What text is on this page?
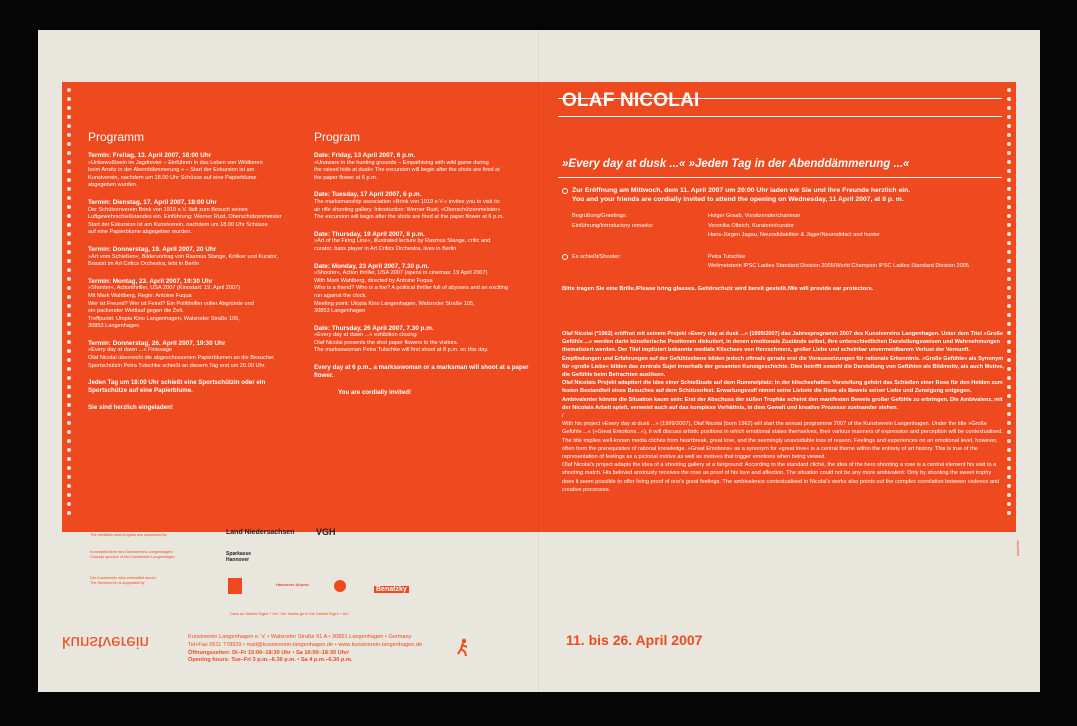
Programm
Termin: Freitag, 13. April 2007, 18:00 Uhr

»Unbewußtsein im Jagdrevier – Einführen in das Leben von Wildtieren

beim Ansitz in der Abenddämmerung « – Start der Exkursion ist am

Kunstverein, nachdem um 18.00 Uhr Schüsse auf eine Papierblume

abgegeben wurden.

Termin: Dienstag, 17. April 2007, 18:00 Uhr

Der Schützenverein Brink von 1919 e.V. lädt zum Besuch seines

Luftgewehrschießstandes ein. Einführung: Werner Rust, Oberschützenmeister

Start der Exkursion ist am Kunstverein, nachdem um 18.00 Uhr Schüsse

auf eine Papierblume abgegeben wurden.

Termin: Donnerstag, 19. April 2007, 20 Uhr

»Art vom Schießen«, Bildervortrag von Rasmus Stange, Kritiker und Kurator,

Bassist im Art Critics Orchestra, lebt in Berlin

Termin: Montag, 23. April 2007, 19:30 Uhr

»Shooter«, Actionthriller, USA 2007 (Kinostart: 19. April 2007)

Mit Mark Wahlberg, Regie: Antoine Fuqua

Wer ist Freund? Wer ist Feind? Ein Politthriller voller Abgründe und

ein packender Wettlauf gegen die Zeit.

Treffpunkt: Utopia Kino Langenhagen, Walsroder Straße 105,

30853 Langenhagen

Termin: Donnerstag, 26. April 2007, 19:30 Uhr

»Every day at dawn ...« Finissage

Olaf Nicolai überreicht die abgeschossenen Papierblumen an die Besucher.

Sportschützin Petra Tutschke schießt an diesem Tag erst um 20.00 Uhr.

Jeden Tag um 18:00 Uhr schießt eine Sportschützin oder ein Sportschütze auf eine Papierblume.
Sie sind herzlich eingeladen!
Program
Date: Friday, 13 April 2007, 6 p.m.

»Unaware in the hunting grounds – Empathising with wild game during

the raised hide at dusk« The excursion will begin after the shots are fired at

the paper flower at 6 p.m.

Date: Tuesday, 17 April 2007, 6 p.m.

The marksmanship association »Brink von 1919 e.V.« invites you to visit its

air rifle shooting gallery. Introduction: Werner Rust, »Oberschützenmeister«

The excursion will begin after the shots are fired at the paper flower at 6 p.m.

Date: Thursday, 19 April 2007, 8 p.m.

»Art of the Firing Line«, illustrated lecture by Rasmus Stange, critic and

curator, bass player in Art Critics Orchestra, lives in Berlin

Date: Monday, 23 April 2007, 7.30 p.m.

»Shooter«, Action thriller, USA 2007 (opens in cinemas: 19 April 2007)

With Mark Wahlberg, directed by Antoine Fuqua

Who is a friend? Who is a foe? A political thriller full of abysses and an exciting

run against the clock.

Meeting point: Utopia Kino Langenhagen, Walsroder Straße 105,

30853 Langenhagen

Date: Thursday, 26 April 2007, 7.30 p.m.

»Every day at dawn ...« exhibition closing

Olaf Nicolai presents the shot paper flowers to the visitors.

The marksswoman Petra Tutschke will first shoot at 8 p.m. on this day.

Every day at 6 p.m., a marksswoman or a marksman will shoot at a paper flower.
You are cordially invited!
OLAF NICOLAI
»Every day at dusk ...« »Jeden Tag in der Abenddämmerung ...«
Zur Eröffnung am Mittwoch, dem 11. April 2007 um 20:00 Uhr laden wir Sie und Ihre Freunde herzlich ein.
You and your friends are cordially invited to attend the opening on Wednesday, 11 April 2007, at 8 p. m.
Begrüßung/Greetings:	Holger Graab, Vorsitzender/chairman
Einführung/Introductory remarks:	Veronika Olbrich, Kuratorin/curator
Hans-Jürgen Jagau, Neurodidaktiker & Jäger/Neurodidact and hunter
Es schießt/Shooter:	Petra Tutschke
Weltmeisterin IPSC Ladies Standard Division 2005/World Champion IPSC Ladies Standard Division 2005
Bitte tragen Sie eine Brille./Please bring glasses. Gehörschutz wird bereit gestellt./We will provide ear protectors.

Olaf Nicolai (*1962) eröffnet mit seinem Projekt »Every day at dusk ...« (1999/2007) das Jahresprogramm 2007 des Kunstvereins Langenhagen. Unter dem Titel »Große Gefühle ...« werden darin künstlerische Positionen diskutiert, in denen emotionale Zustände selbst, ihre unterschiedlichen Darstellungsweisen und Wahrnehmungen thematisiert werden. Der Titel impliziert bekannte mediale Klischees von Herzschmerz, großer Liebe und scheinbar unvermeidbarem Verlust der Vernunft. Empfindungen und Erfahrungen auf der Gefühlsebene bilden jedoch oftmals gerade erst die Voraussetzungen für rationale Erkenntnis. »Große Gefühle« als Synonym für »große Liebe« bilden das zentrale Sujet innerhalb der gesamten Kunstgeschichte. Dies betrifft sowohl die Darstellung von Gefühlen als Bildmotiv, als auch Motive, die Gefühle beim Betrachten auslösen.

Olaf Nicolais Projekt adaptiert die Idee einer Schießbude auf dem Rummelplatz: In der klischeehaften Vorstellung gehört das Schießen einer Rose für den Helden zum festen Bestandteil eines Besuches auf dem Schützenfest. Erwartungsvoll nimmt seine Liebste die Rose als Beweis seiner Liebe und Zuneigung entgegen. Ambivalenter könnte die Situation kaum sein: Erst der Abschuss der süßen Trophäe scheint den manifesten Beweis großer Gefühle zu erbringen. Die Ambivalenz, mit der Nicolais Arbeit spielt, verweist auch auf das komplexe Verhältnis, in dem Gewalt und kreative Prozesse zueinander stehen.

/

With his project »Every day at dusk ...« (1999/2007), Olaf Nicolai (born 1962) will start the annual programme 2007 of the Kunstverein Langenhagen. Under the title »Große Gefühle ...« (»Great Emotions...«), it will discuss artistic positions in which emotional states themselves, their various manners of expression and perception will be contextualised. The title implies well-known media clichés from heartbreak, great love, and the seemingly unavoidable loss of reason. Feelings and experiences on an emotional level, however, often form the prerequisites of rational knowledge. »Great Emotions« as a synonym for »great love« is a central theme within the entirety of art history. This is true of the representation of feelings as a pictorial motive as well as motives that trigger emotions when being viewed.

Olaf Nicolai's project adapts the idea of a shooting gallery at a fairground: According to the standard cliché, the idea of the hero shooting a rose is a central element his visit to a shooting match. His beloved anxiously receives the rose as proof of his love and affection. The situation could not be any more ambivalent: Only by shooting the sweet trophy does it seem possible to offer living proof of one's great feelings. The ambivalence contextualised in Nicolai's works also points out the complex correlation between violence and creative processes.

Ausstellung und Programm werden gefördert durch/
The exhibition and program are sponsored by	Land Niedersachsen VGH
Konzeptförderer des Kunstvereins Langenhagen/
Concept sponsor of the Kunstverein Langenhagen	Sparkasse Hannover
Der Kunstverein wird unterstützt durch/
The Kunstverein is supported by	Hannover Airport
Benatzky
Dank an Galerie Eigen + Art / Our thanks go to the Galerie Eigen + Art
kunstverein	Kunstverein Langenhagen e. V. • Walsroder Straße 91 A • 30851 Langenhagen • Germany
Tel+Fax 0511 778929 • mail@kunstverein-langenhagen.de • www.kunstverein-langenhagen.de
Öffnungszeiten: Di–Fr 15:00–18:30 Uhr • Sa 16:00–18:30 Uhr/
Opening hours: Tue–Fri 3 p.m.–6.30 p.m. • Sa 4 p.m.–6.30 p.m.
11. bis 26. April 2007
lalala/fritz
